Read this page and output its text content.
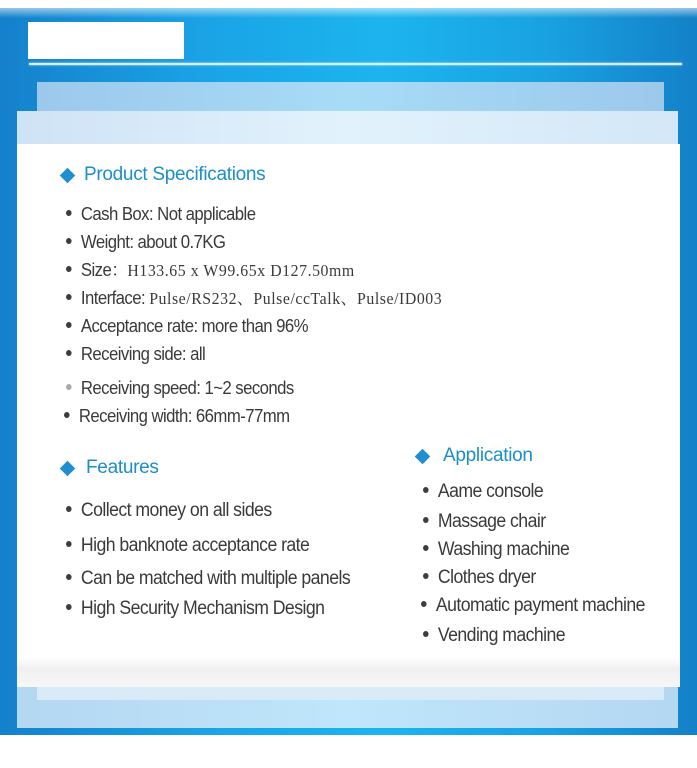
Product Specifications
Cash Box: Not applicable
Weight: about 0.7KG
Size：H133.65 x W99.65x D127.50mm
Interface: Pulse/RS232、Pulse/ccTalk、Pulse/ID003
Acceptance rate: more than 96%
Receiving side: all
Receiving speed: 1~2 seconds
Receiving width: 66mm-77mm
Features
Collect money on all sides
High banknote acceptance rate
Can be matched with multiple panels
High Security Mechanism Design
Application
Aame console
Massage chair
Washing machine
Clothes dryer
Automatic payment machine
Vending machine
